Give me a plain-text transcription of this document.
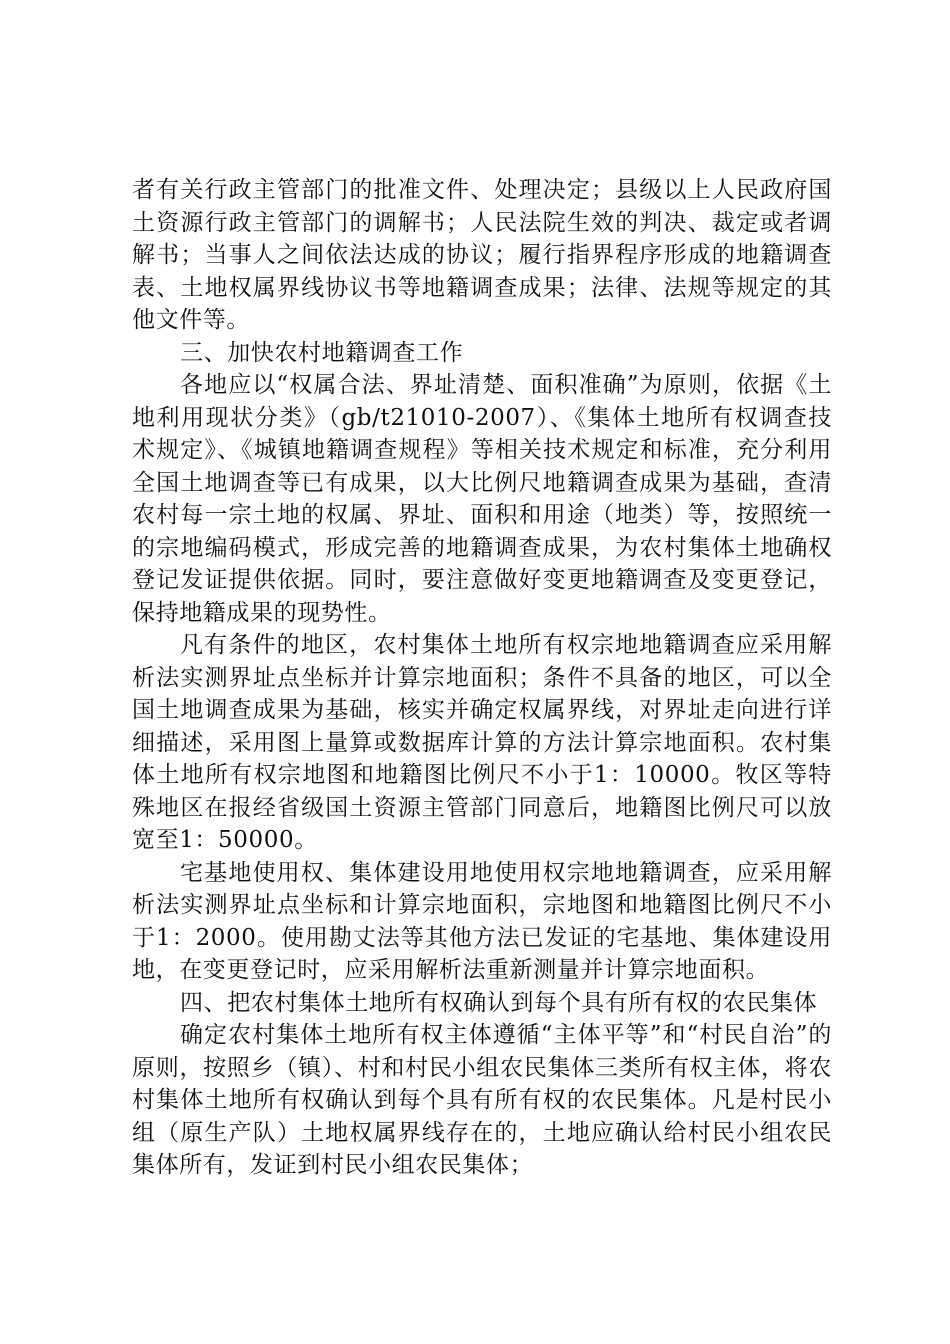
者有关行政主管部门的批准文件、处理决定；县级以上人民政府国土资源行政主管部门的调解书；人民法院生效的判决、裁定或者调解书；当事人之间依法达成的协议；履行指界程序形成的地籍调查表、土地权属界线协议书等地籍调查成果；法律、法规等规定的其他文件等。

三、加快农村地籍调查工作

各地应以“权属合法、界址清楚、面积准确”为原则，依据《土地利用现状分类》（gb/t21010-2007）、《集体土地所有权调查技术规定》、《城镇地籍调查规程》等相关技术规定和标准，充分利用全国土地调查等已有成果，以大比例尺地籍调查成果为基础，查清农村每一宗土地的权属、界址、面积和用途（地类）等，按照统一的宗地编码模式，形成完善的地籍调查成果，为农村集体土地确权登记发证提供依据。同时，要注意做好变更地籍调查及变更登记，保持地籍成果的现势性。

凡有条件的地区，农村集体土地所有权宗地地籍调查应采用解析法实测界址点坐标并计算宗地面积；条件不具备的地区，可以全国土地调查成果为基础，核实并确定权属界线，对界址走向进行详细描述，采用图上量算或数据库计算的方法计算宗地面积。农村集体土地所有权宗地图和地籍图比例尺不小于1：10000。牧区等特殊地区在报经省级国土资源主管部门同意后，地籍图比例尺可以放宽至1：50000。

宅基地使用权、集体建设用地使用权宗地地籍调查，应采用解析法实测界址点坐标和计算宗地面积，宗地图和地籍图比例尺不小于1：2000。使用勘丈法等其他方法已发证的宅基地、集体建设用地，在变更登记时，应采用解析法重新测量并计算宗地面积。

四、把农村集体土地所有权确认到每个具有所有权的农民集体

确定农村集体土地所有权主体遵循“主体平等”和“村民自治”的原则，按照乡（镇）、村和村民小组农民集体三类所有权主体，将农村集体土地所有权确认到每个具有所有权的农民集体。凡是村民小组（原生产队）土地权属界线存在的，土地应确认给村民小组农民集体所有，发证到村民小组农民集体；
